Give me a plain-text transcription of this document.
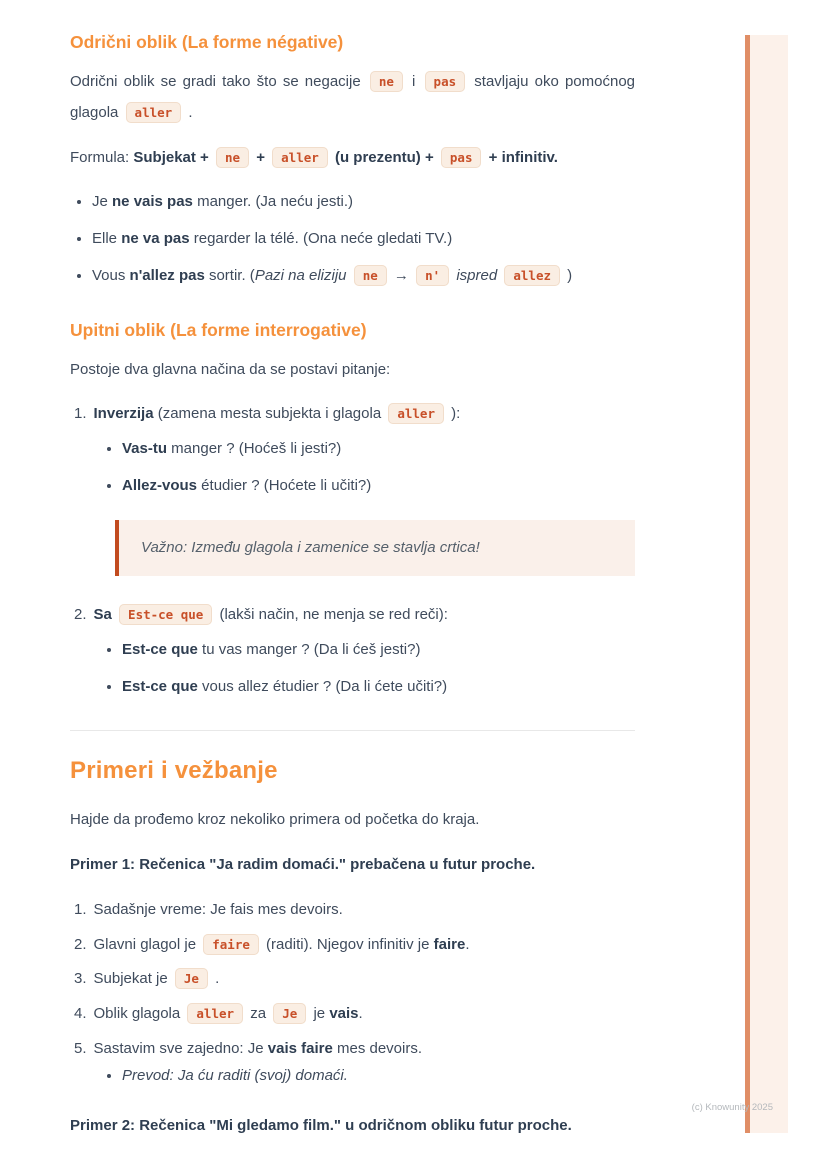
Odrični oblik (La forme négative)

Odrični oblik se gradi tako što se negacije ne i pas stavljaju oko pomoćnog glagola aller .

Formula: Subjekat + ne + aller (u prezentu) + pas + infinitiv.

• Je ne vais pas manger. (Ja neću jesti.)
• Elle ne va pas regarder la télé. (Ona neće gledati TV.)
• Vous n'allez pas sortir. (Pazi na eliziju ne → n' ispred allez )
Upitni oblik (La forme interrogative)

Postoje dva glavna načina da se postavi pitanje:

1. Inverzija (zamena mesta subjekta i glagola aller ):
• Vas-tu manger ? (Hoćeš li jesti?)
• Allez-vous étudier ? (Hoćete li učiti?)
Važno: Između glagola i zamenice se stavlja crtica!
2. Sa Est-ce que (lakši način, ne menja se red reči):
• Est-ce que tu vas manger ? (Da li ćeš jesti?)
• Est-ce que vous allez étudier ? (Da li ćete učiti?)
Primeri i vežbanje

Hajde da prođemo kroz nekoliko primera od početka do kraja.

Primer 1: Rečenica "Ja radim domaći." prebačena u futur proche.

1. Sadašnje vreme: Je fais mes devoirs.
2. Glavni glagol je faire (raditi). Njegov infinitiv je faire.
3. Subjekat je Je .
4. Oblik glagola aller za Je je vais.
5. Sastavim sve zajedno: Je vais faire mes devoirs.
• Prevod: Ja ću raditi (svoj) domaći.

Primer 2: Rečenica "Mi gledamo film." u odričnom obliku futur proche.

(c) Knowunity 2025
